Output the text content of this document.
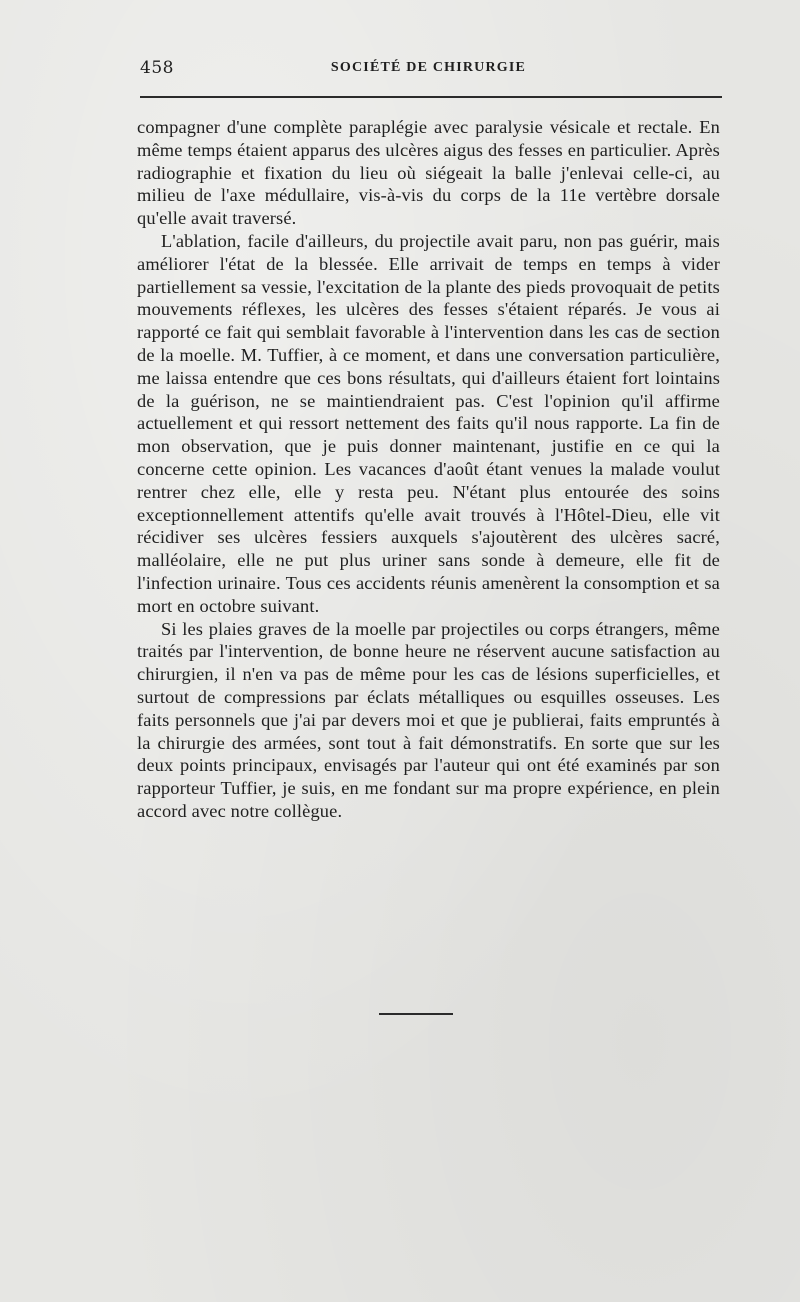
458	SOCIÉTÉ DE CHIRURGIE

compagner d'une complète paraplégie avec paralysie vésicale et rectale. En même temps étaient apparus des ulcères aigus des fesses en particulier. Après radiographie et fixation du lieu où siégeait la balle j'enlevai celle-ci, au milieu de l'axe médullaire, vis-à-vis du corps de la 11e vertèbre dorsale qu'elle avait traversé.

L'ablation, facile d'ailleurs, du projectile avait paru, non pas guérir, mais améliorer l'état de la blessée. Elle arrivait de temps en temps à vider partiellement sa vessie, l'excitation de la plante des pieds provoquait de petits mouvements réflexes, les ulcères des fesses s'étaient réparés. Je vous ai rapporté ce fait qui semblait favorable à l'intervention dans les cas de section de la moelle. M. Tuffier, à ce moment, et dans une conversation particulière, me laissa entendre que ces bons résultats, qui d'ailleurs étaient fort lointains de la guérison, ne se maintiendraient pas. C'est l'opinion qu'il affirme actuellement et qui ressort nettement des faits qu'il nous rapporte. La fin de mon observation, que je puis donner maintenant, justifie en ce qui la concerne cette opinion. Les vacances d'août étant venues la malade voulut rentrer chez elle, elle y resta peu. N'étant plus entourée des soins exceptionnellement attentifs qu'elle avait trouvés à l'Hôtel-Dieu, elle vit récidiver ses ulcères fessiers auxquels s'ajoutèrent des ulcères sacré, malléolaire, elle ne put plus uriner sans sonde à demeure, elle fit de l'infection urinaire. Tous ces accidents réunis amenèrent la consomption et sa mort en octobre suivant.

Si les plaies graves de la moelle par projectiles ou corps étrangers, même traités par l'intervention, de bonne heure ne réservent aucune satisfaction au chirurgien, il n'en va pas de même pour les cas de lésions superficielles, et surtout de compressions par éclats métalliques ou esquilles osseuses. Les faits personnels que j'ai par devers moi et que je publierai, faits empruntés à la chirurgie des armées, sont tout à fait démonstratifs. En sorte que sur les deux points principaux, envisagés par l'auteur qui ont été examinés par son rapporteur Tuffier, je suis, en me fondant sur ma propre expérience, en plein accord avec notre collègue.
